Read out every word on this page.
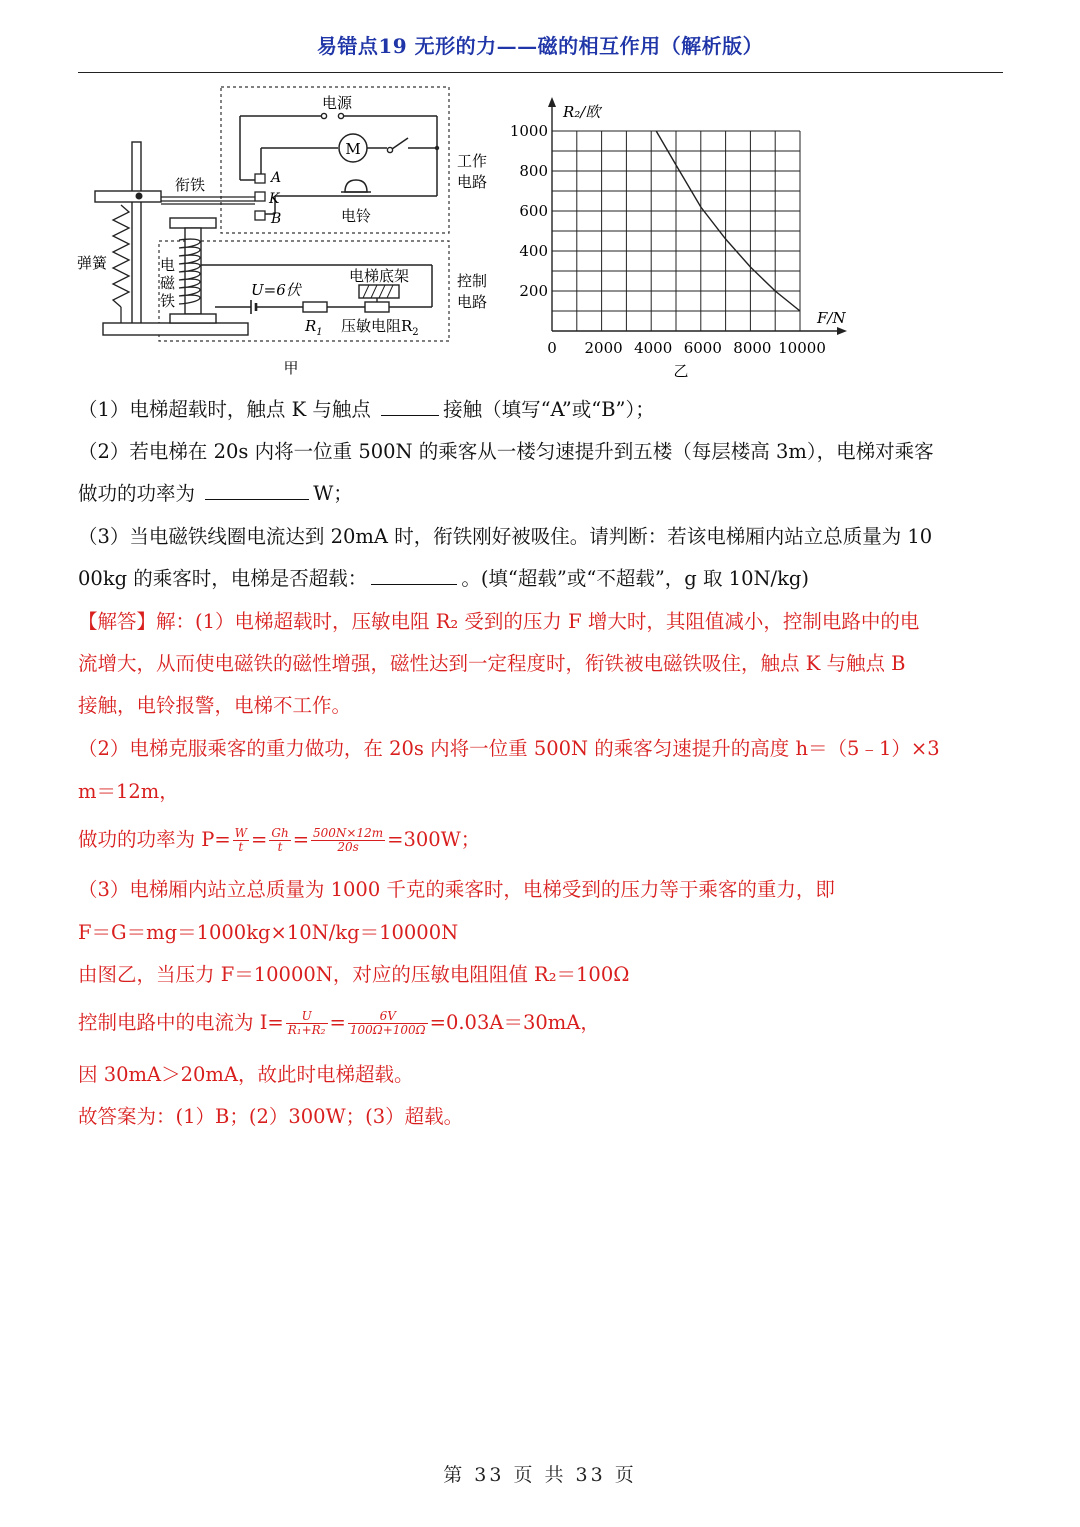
易错点19 无形的力——磁的相互作用（解析版）
M
A
K
B
衔铁
弹簧	电
磁
铁
U=6伏
电梯底架
$R_1$ 压敏电阻$R_2$
工作
电路
控制
电路
电源
电铃
甲
200
400
600
800
1000
0 2000 4000 6000 8000 10000
R₂/欧
F/N
乙
（1）电梯超载时，触点 K 与触点	接触（填写“A”或“B”）；
（2）若电梯在 20s 内将一位重 500N 的乘客从一楼匀速提升到五楼（每层楼高 3m），电梯对乘客
做功的功率为	W；
（3）当电磁铁线圈电流达到 20mA 时，衔铁刚好被吸住。请判断：若该电梯厢内站立总质量为 10
00kg 的乘客时，电梯是否超载：	。(填“超载”或“不超载”，g 取 10N/kg)
【解答】解：(1）电梯超载时，压敏电阻 R₂ 受到的压力 F 增大时，其阻值减小，控制电路中的电
流增大，从而使电磁铁的磁性增强，磁性达到一定程度时，衔铁被电磁铁吸住，触点 K 与触点 B
接触，电铃报警，电梯不工作。
（2）电梯克服乘客的重力做功，在 20s 内将一位重 500N 的乘客匀速提升的高度 h＝（5﹣1）×3
m＝12m，
做功的功率为 $P= \frac{W}{t} = \frac{Gh}{t} = \frac{500N\times 12m}{20s} =300W$；
（3）电梯厢内站立总质量为 1000 千克的乘客时，电梯受到的压力等于乘客的重力，即
F＝G＝mg＝1000kg×10N/kg＝10000N
由图乙，当压力 F＝10000N，对应的压敏电阻阻值 R₂＝100Ω
控制电路中的电流为 $I= \frac{U}{\text{R₁+R₂}} = \frac{6V}{100\Omega+100\Omega} =0.03A=30mA$，
因 30mA＞20mA，故此时电梯超载。
故答案为：(1）B；(2）300W；(3）超载。
第 33 页 共 33 页
